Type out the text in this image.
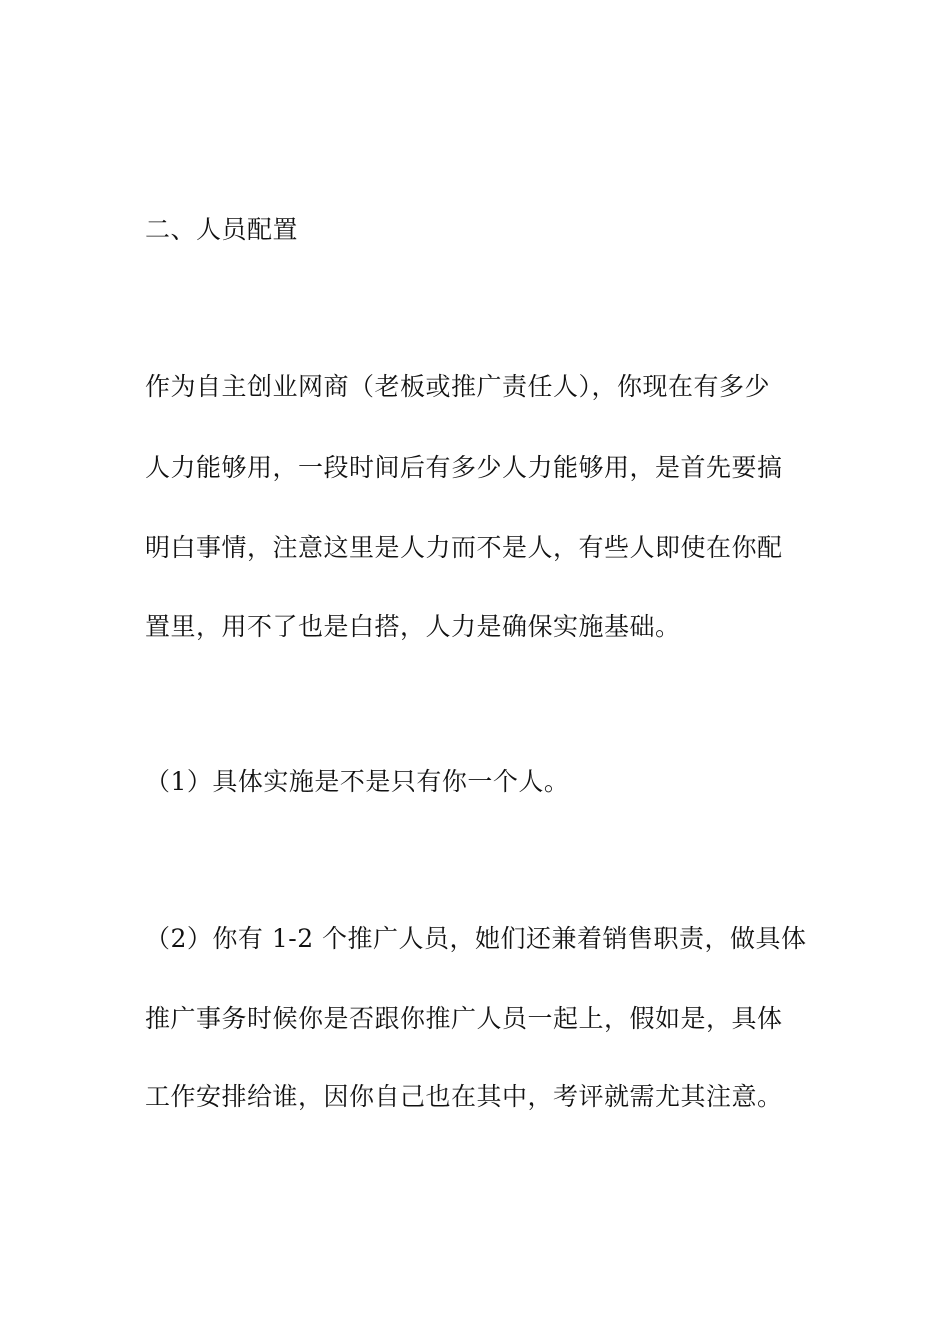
二、人员配置
作为自主创业网商（老板或推广责任人），你现在有多少
人力能够用，一段时间后有多少人力能够用，是首先要搞
明白事情，注意这里是人力而不是人，有些人即使在你配
置里，用不了也是白搭，人力是确保实施基础。
（1）具体实施是不是只有你一个人。
（2）你有 1-2 个推广人员，她们还兼着销售职责，做具体
推广事务时候你是否跟你推广人员一起上，假如是，具体
工作安排给谁，因你自己也在其中，考评就需尤其注意。
